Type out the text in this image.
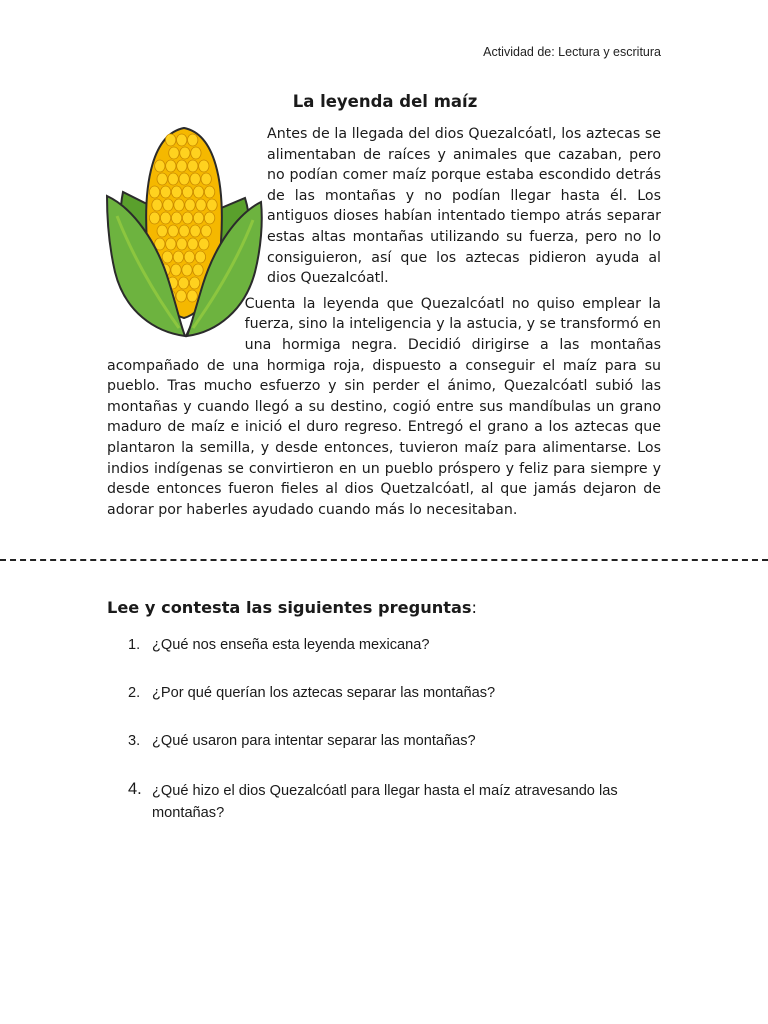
Actividad de: Lectura y escritura
La leyenda del maíz

Antes de la llegada del dios Quezalcóatl, los aztecas se alimentaban de raíces y animales que cazaban, pero no podían comer maíz porque estaba escondido detrás de las montañas y no podían llegar hasta él. Los antiguos dioses habían intentado tiempo atrás separar estas altas montañas utilizando su fuerza, pero no lo consiguieron, así que los aztecas pidieron ayuda al dios Quezalcóatl.

Cuenta la leyenda que Quezalcóatl no quiso emplear la fuerza, sino la inteligencia y la astucia, y se transformó en una hormiga negra. Decidió dirigirse a las montañas acompañado de una hormiga roja, dispuesto a conseguir el maíz para su pueblo. Tras mucho esfuerzo y sin perder el ánimo, Quezalcóatl subió las montañas y cuando llegó a su destino, cogió entre sus mandíbulas un grano maduro de maíz e inició el duro regreso. Entregó el grano a los aztecas que plantaron la semilla, y desde entonces, tuvieron maíz para alimentarse. Los indios indígenas se convirtieron en un pueblo próspero y feliz para siempre y desde entonces fueron fieles al dios Quetzalcóatl, al que jamás dejaron de adorar por haberles ayudado cuando más lo necesitaban.

Lee y contesta las siguientes preguntas:
1. ¿Qué nos enseña esta leyenda mexicana?
2. ¿Por qué querían los aztecas separar las montañas?
3. ¿Qué usaron para intentar separar las montañas?
4. ¿Qué hizo el dios Quezalcóatl para llegar hasta el maíz atravesando las montañas?
